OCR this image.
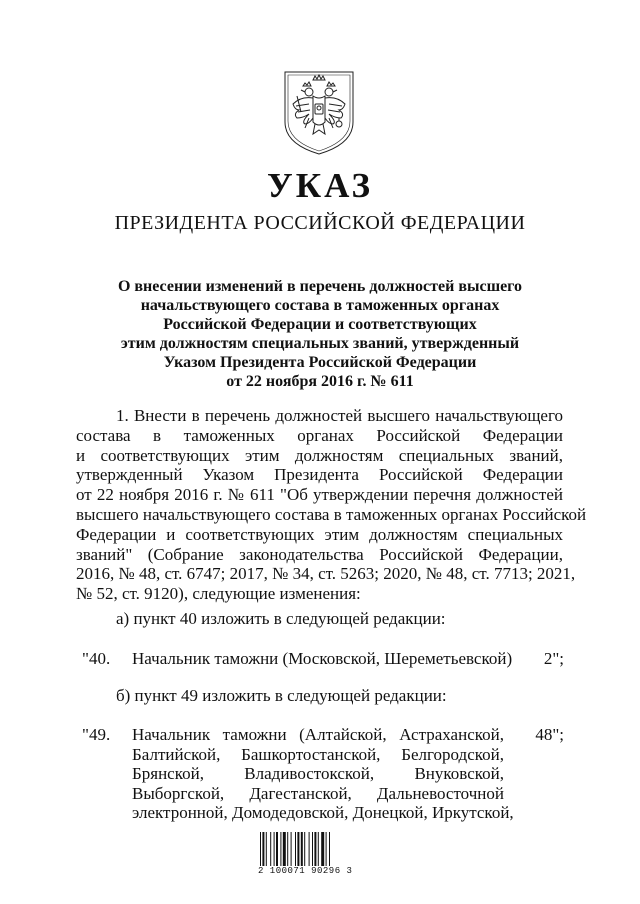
УКАЗ
ПРЕЗИДЕНТА РОССИЙСКОЙ ФЕДЕРАЦИИ
О внесении изменений в перечень должностей высшего
начальствующего состава в таможенных органах
Российской Федерации и соответствующих
этим должностям специальных званий, утвержденный
Указом Президента Российской Федерации
от 22 ноября 2016 г. № 611
1. Внести в перечень должностей высшего начальствующего
состава в таможенных органах Российской Федерации
и соответствующих этим должностям специальных званий,
утвержденный Указом Президента Российской Федерации
от 22 ноября 2016 г. № 611 "Об утверждении перечня должностей
высшего начальствующего состава в таможенных органах Российской
Федерации и соответствующих этим должностям специальных
званий" (Собрание законодательства Российской Федерации,
2016, № 48, ст. 6747; 2017, № 34, ст. 5263; 2020, № 48, ст. 7713; 2021,
№ 52, ст. 9120), следующие изменения:
а) пункт 40 изложить в следующей редакции:
"40. Начальник таможни (Московской, Шереметьевской)	2";
б) пункт 49 изложить в следующей редакции:
"49. Начальник таможни (Алтайской, Астраханской,
Балтийской, Башкортостанской, Белгородской,
Брянской, Владивостокской, Внуковской,
Выборгской, Дагестанской, Дальневосточной
электронной, Домодедовской, Донецкой, Иркутской,
48";
2 100071 90296 3
